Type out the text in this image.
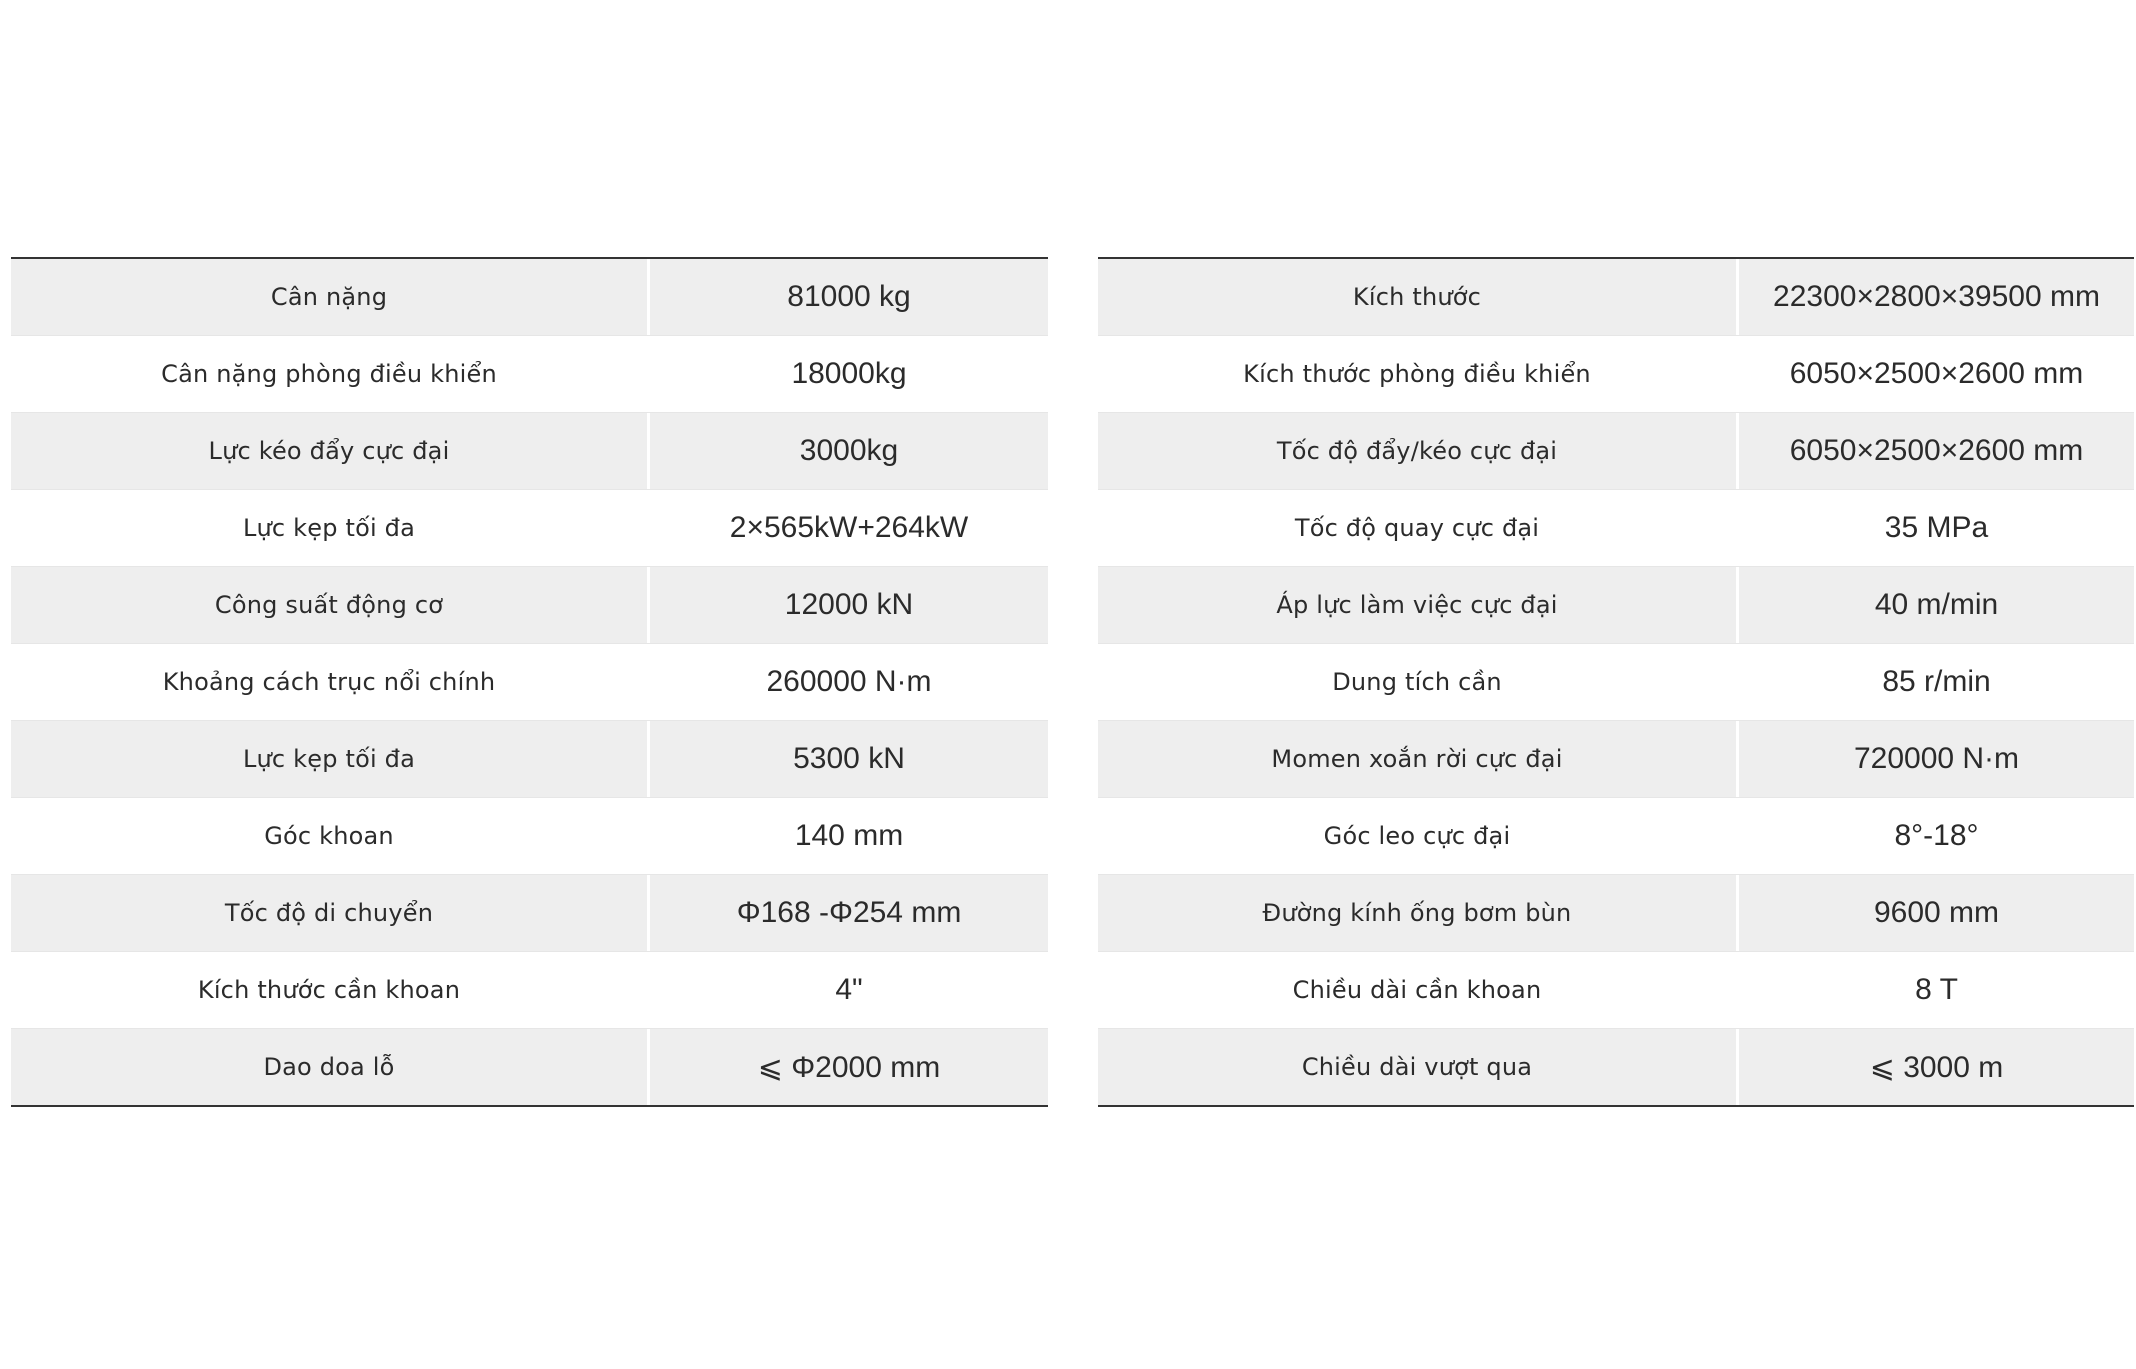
Cân nặng	81000 kg
Cân nặng phòng điều khiển	18000kg
Lực kéo đẩy cực đại	3000kg
Lực kẹp tối đa	2×565kW+264kW
Công suất động cơ	12000 kN
Khoảng cách trục nổi chính	260000 N·m
Lực kẹp tối đa	5300 kN
Góc khoan	140 mm
Tốc độ di chuyển	Φ168 -Φ254 mm
Kích thước cần khoan	4"
Dao doa lỗ	⩽ Φ2000 mm
Kích thước	22300×2800×39500 mm
Kích thước phòng điều khiển	6050×2500×2600 mm
Tốc độ đẩy/kéo cực đại	6050×2500×2600 mm
Tốc độ quay cực đại	35 MPa
Áp lực làm việc cực đại	40 m/min
Dung tích cần	85 r/min
Momen xoắn rời cực đại	720000 N·m
Góc leo cực đại	8°-18°
Đường kính ống bơm bùn	9600 mm
Chiều dài cần khoan	8 T
Chiều dài vượt qua	⩽ 3000 m
